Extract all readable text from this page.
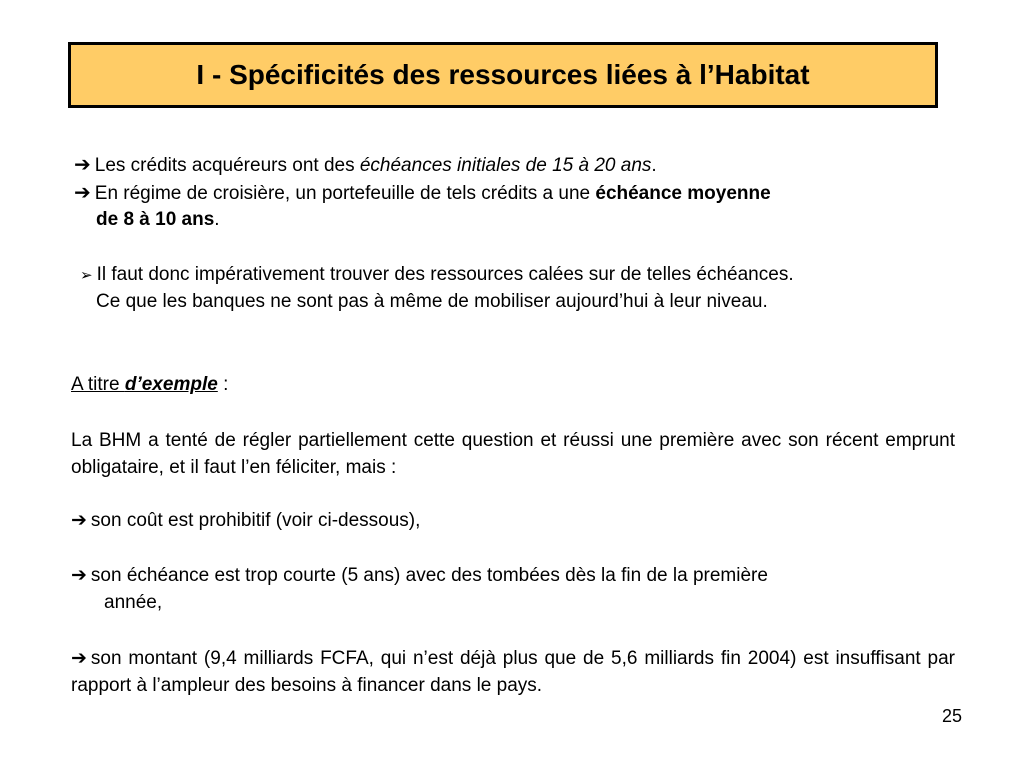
I - Spécificités des ressources liées à l’Habitat
➔ Les crédits acquéreurs ont des échéances initiales de 15 à 20 ans.
➔ En régime de croisière, un portefeuille de tels crédits a une échéance moyenne
de 8 à 10 ans.
➢ Il faut donc impérativement trouver des ressources calées sur de telles échéances.
Ce que les banques ne sont pas à même de mobiliser aujourd’hui à leur niveau.
A titre d’exemple :
La BHM a tenté de régler partiellement cette question et réussi une première avec son récent emprunt obligataire, et il faut l’en féliciter, mais :
➔ son coût est prohibitif (voir ci-dessous),
➔ son échéance est trop courte (5 ans) avec des tombées dès la fin de la première
année,
➔ son montant (9,4 milliards FCFA, qui n’est déjà plus que de 5,6 milliards fin 2004) est insuffisant par rapport à l’ampleur des besoins à financer dans le pays.
25
